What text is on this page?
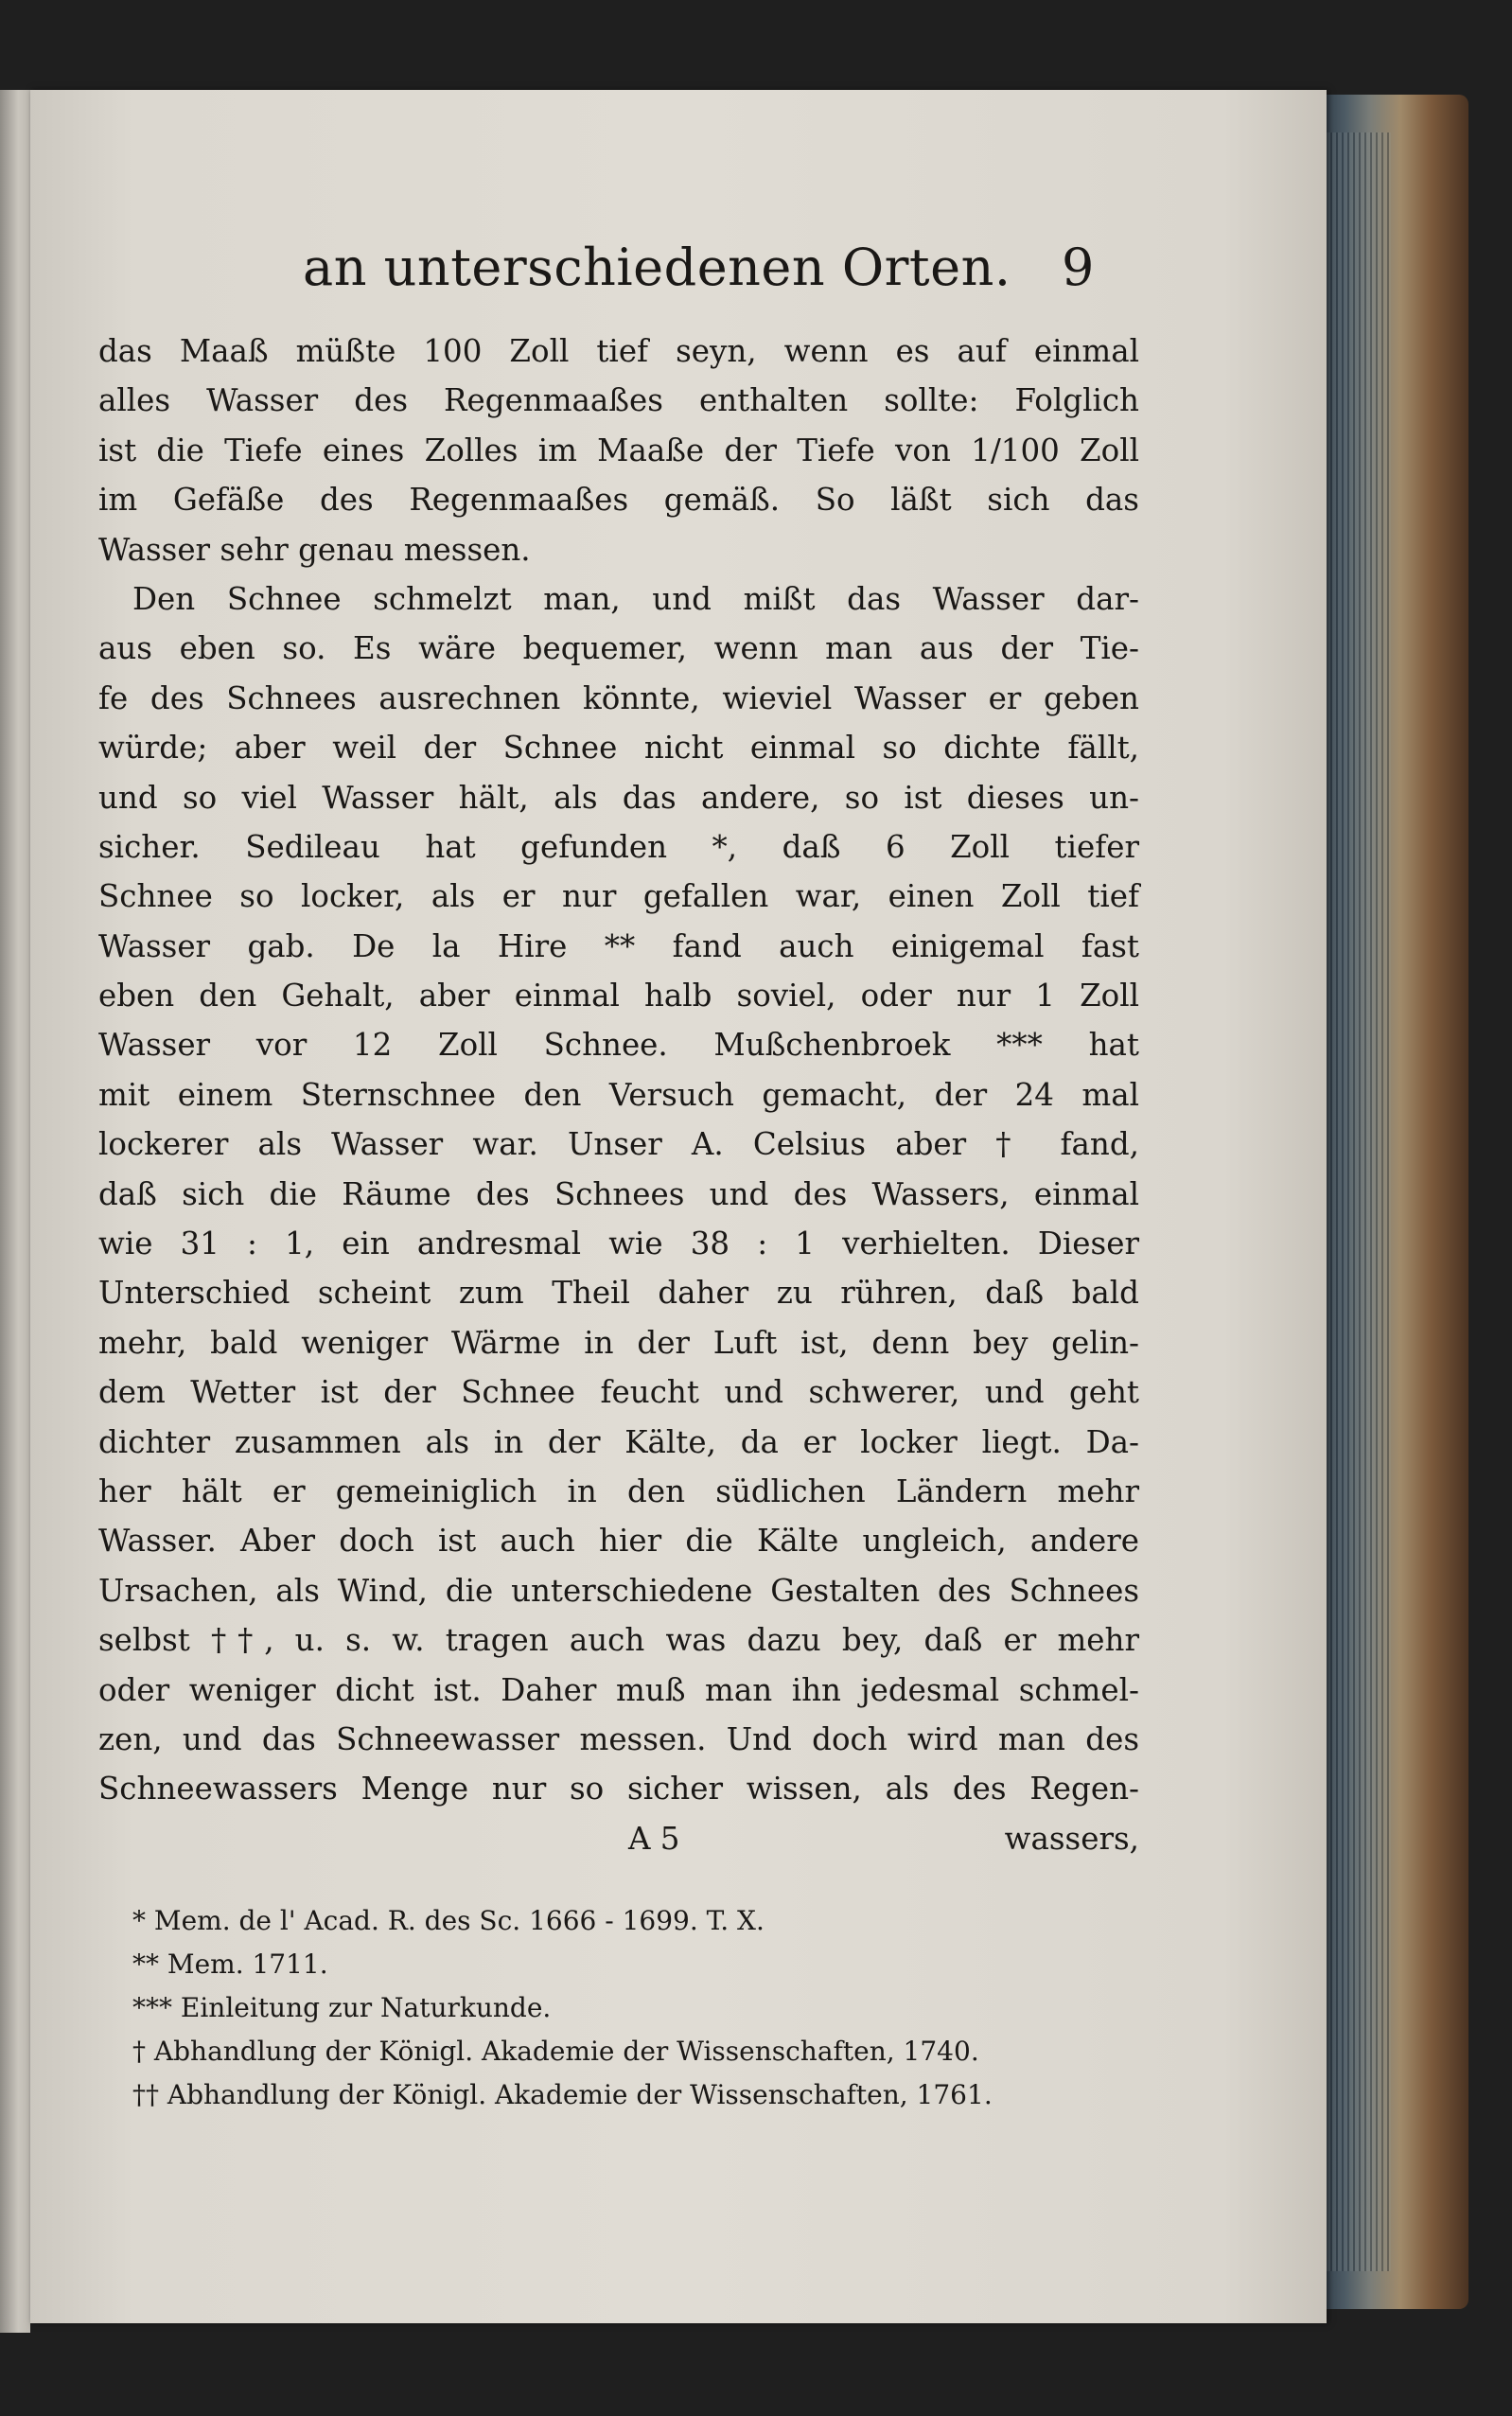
an unterschiedenen Orten. 9
das Maaß müßte 100 Zoll tief seyn, wenn es auf einmal
alles Wasser des Regenmaaßes enthalten sollte: Folglich
ist die Tiefe eines Zolles im Maaße der Tiefe von 1/100 Zoll
im Gefäße des Regenmaaßes gemäß. So läßt sich das
Wasser sehr genau messen.
Den Schnee schmelzt man, und mißt das Wasser dar-
aus eben so. Es wäre bequemer, wenn man aus der Tie-
fe des Schnees ausrechnen könnte, wieviel Wasser er geben
würde; aber weil der Schnee nicht einmal so dichte fällt,
und so viel Wasser hält, als das andere, so ist dieses un-
sicher. Sedileau hat gefunden *, daß 6 Zoll tiefer
Schnee so locker, als er nur gefallen war, einen Zoll tief
Wasser gab. De la Hire ** fand auch einigemal fast
eben den Gehalt, aber einmal halb soviel, oder nur 1 Zoll
Wasser vor 12 Zoll Schnee. Mußchenbroek *** hat
mit einem Sternschnee den Versuch gemacht, der 24 mal
lockerer als Wasser war. Unser A. Celsius aber † fand,
daß sich die Räume des Schnees und des Wassers, einmal
wie 31 : 1, ein andresmal wie 38 : 1 verhielten. Dieser
Unterschied scheint zum Theil daher zu rühren, daß bald
mehr, bald weniger Wärme in der Luft ist, denn bey gelin-
dem Wetter ist der Schnee feucht und schwerer, und geht
dichter zusammen als in der Kälte, da er locker liegt. Da-
her hält er gemeiniglich in den südlichen Ländern mehr
Wasser. Aber doch ist auch hier die Kälte ungleich, andere
Ursachen, als Wind, die unterschiedene Gestalten des Schnees
selbst ††, u. s. w. tragen auch was dazu bey, daß er mehr
oder weniger dicht ist. Daher muß man ihn jedesmal schmel-
zen, und das Schneewasser messen. Und doch wird man des
Schneewassers Menge nur so sicher wissen, als des Regen-
A 5	wassers,
* Mem. de l' Acad. R. des Sc. 1666 - 1699. T. X.
** Mem. 1711.
*** Einleitung zur Naturkunde.
† Abhandlung der Königl. Akademie der Wissenschaften, 1740.
†† Abhandlung der Königl. Akademie der Wissenschaften, 1761.
